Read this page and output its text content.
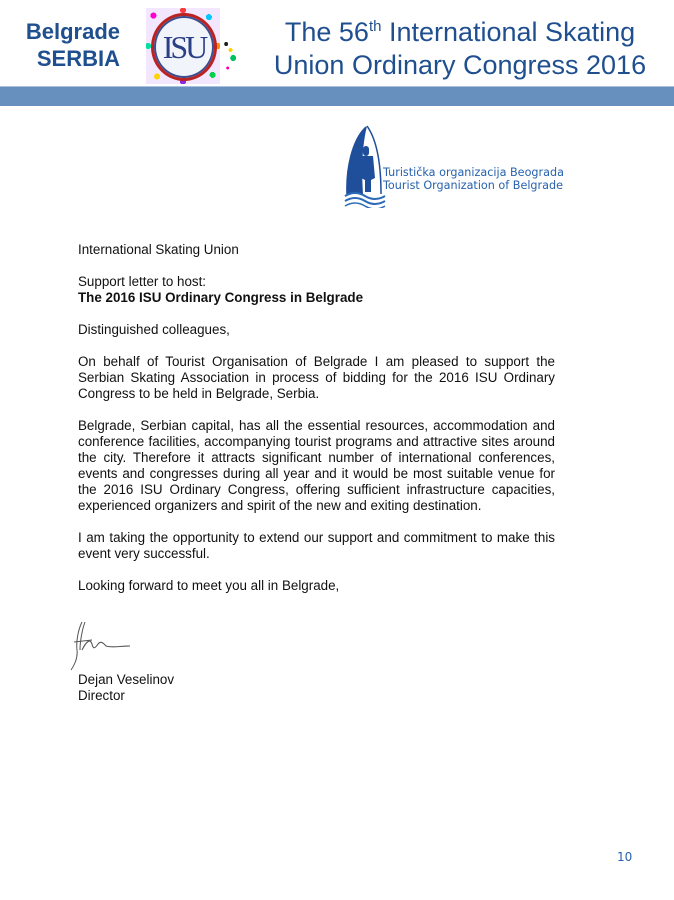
Belgrade
SERBIA ISU	The 56th International Skating
Union Ordinary Congress 2016
Turistička organizacija Beograda
Tourist Organization of Belgrade

International Skating Union

Support letter to host:
The 2016 ISU Ordinary Congress in Belgrade

Distinguished colleagues,

On behalf of Tourist Organisation of Belgrade I am pleased to support the Serbian Skating Association in process of bidding for the 2016 ISU Ordinary Congress to be held in Belgrade, Serbia.

Belgrade, Serbian capital, has all the essential resources, accommodation and conference facilities, accompanying tourist programs and attractive sites around the city. Therefore it attracts significant number of international conferences, events and congresses during all year and it would be most suitable venue for the 2016 ISU Ordinary Congress, offering sufficient infrastructure capacities, experienced organizers and spirit of the new and exiting destination.

I am taking the opportunity to extend our support and commitment to make this event very successful.

Looking forward to meet you all in Belgrade,

Dejan Veselinov
Director
10
